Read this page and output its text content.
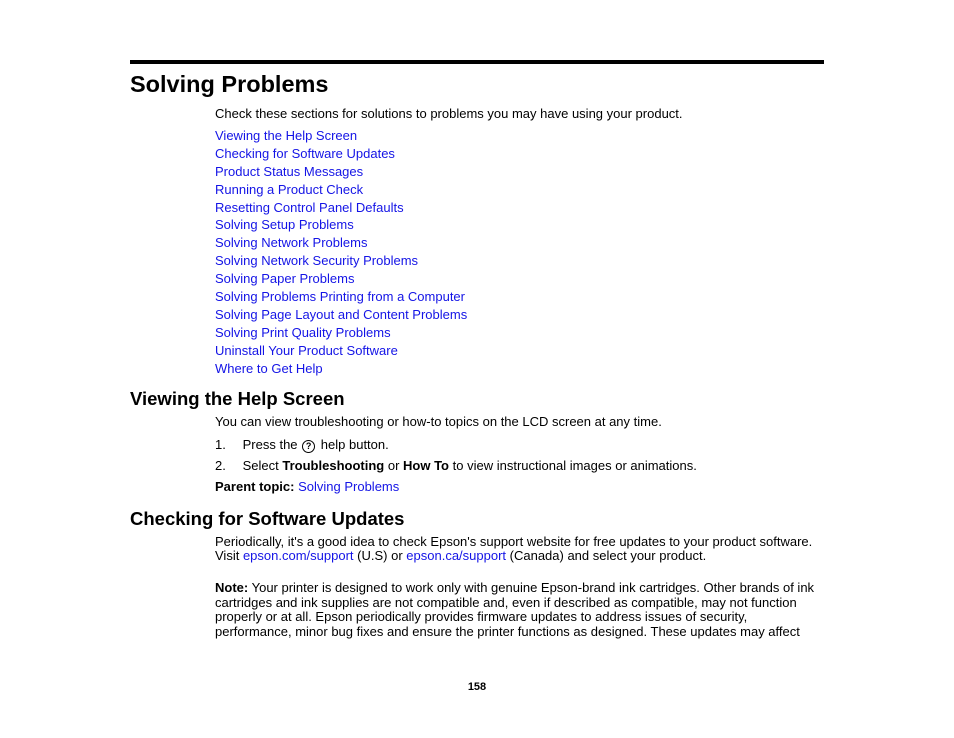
Solving Problems
Check these sections for solutions to problems you may have using your product.
Viewing the Help Screen
Checking for Software Updates
Product Status Messages
Running a Product Check
Resetting Control Panel Defaults
Solving Setup Problems
Solving Network Problems
Solving Network Security Problems
Solving Paper Problems
Solving Problems Printing from a Computer
Solving Page Layout and Content Problems
Solving Print Quality Problems
Uninstall Your Product Software
Where to Get Help
Viewing the Help Screen
You can view troubleshooting or how-to topics on the LCD screen at any time.
1. Press the ? help button.
2. Select Troubleshooting or How To to view instructional images or animations.
Parent topic: Solving Problems
Checking for Software Updates
Periodically, it's a good idea to check Epson's support website for free updates to your product software.
Visit epson.com/support (U.S) or epson.ca/support (Canada) and select your product.
Note: Your printer is designed to work only with genuine Epson-brand ink cartridges. Other brands of ink
cartridges and ink supplies are not compatible and, even if described as compatible, may not function
properly or at all. Epson periodically provides firmware updates to address issues of security,
performance, minor bug fixes and ensure the printer functions as designed. These updates may affect
158
